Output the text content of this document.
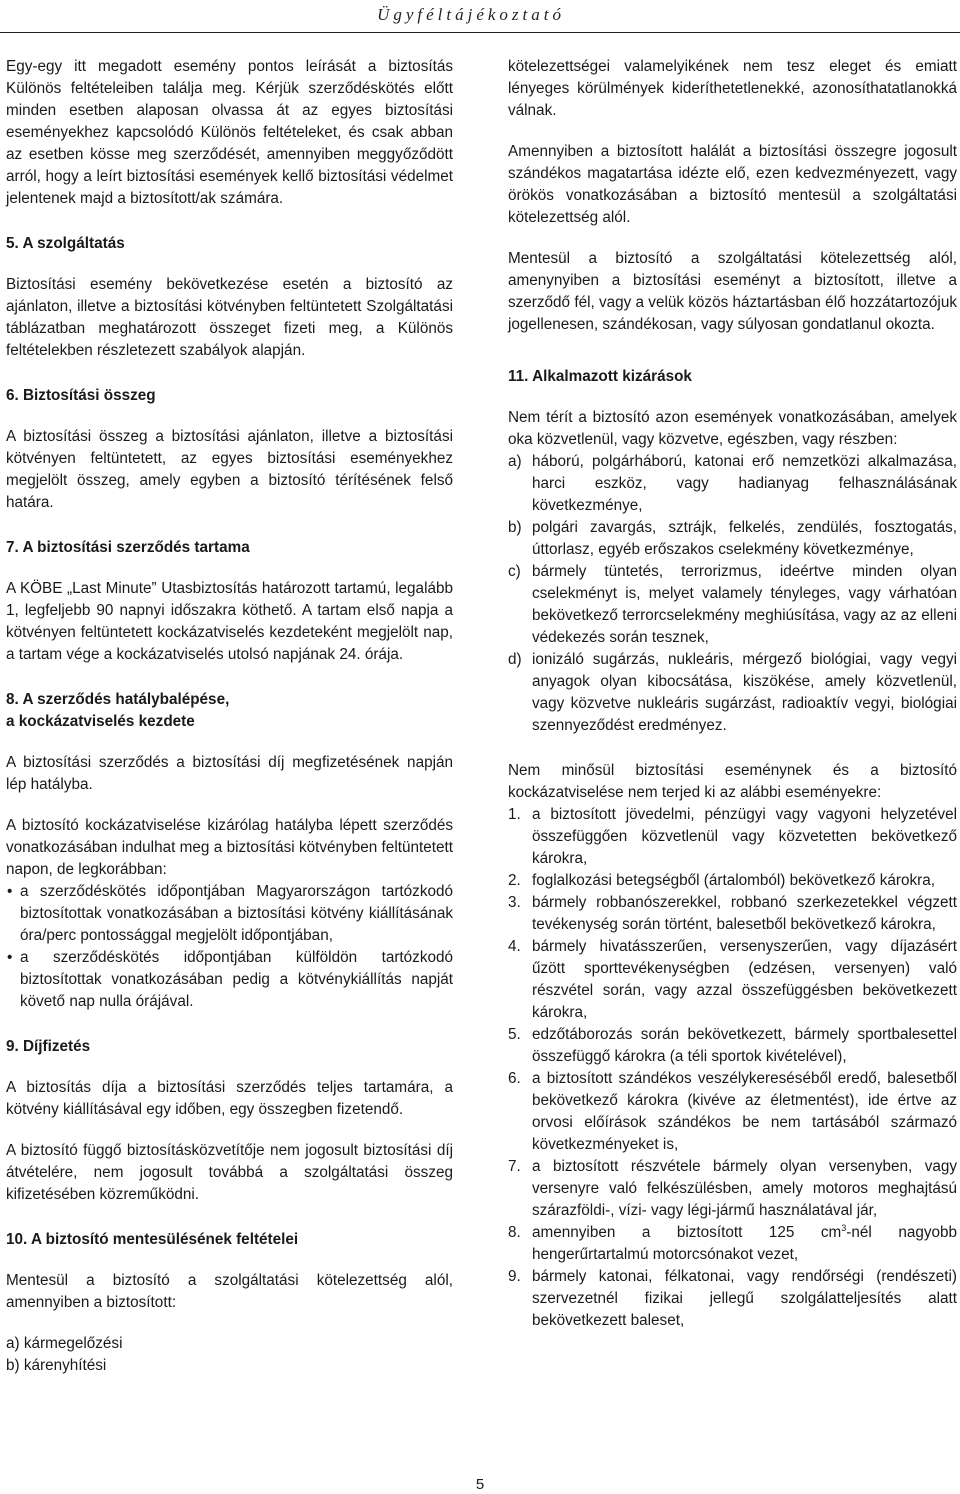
Ügyféltájékoztató

Egy-egy itt megadott esemény pontos leírását a biztosítás Különös feltételeiben találja meg. Kérjük szerződéskötés előtt minden esetben alaposan olvassa át az egyes biztosítási eseményekhez kapcsolódó Különös feltételeket, és csak abban az esetben kösse meg szerződését, amennyiben meggyőződött arról, hogy a leírt biztosítási események kellő biztosítási védelmet jelentenek majd a biztosított/ak számára.

5. A szolgáltatás

Biztosítási esemény bekövetkezése esetén a biztosító az ajánlaton, illetve a biztosítási kötvényben feltüntetett Szolgáltatási táblázatban meghatározott összeget fizeti meg, a Különös feltételekben részletezett szabályok alapján.

6. Biztosítási összeg

A biztosítási összeg a biztosítási ajánlaton, illetve a biztosítási kötvényen feltüntetett, az egyes biztosítási eseményekhez megjelölt összeg, amely egyben a biztosító térítésének felső határa.

7. A biztosítási szerződés tartama

A KÖBE „Last Minute” Utasbiztosítás határozott tartamú, legalább 1, legfeljebb 90 napnyi időszakra köthető. A tartam első napja a kötvényen feltüntetett kockázatviselés kezdeteként megjelölt nap, a tartam vége a kockázatviselés utolsó napjának 24. órája.

8. A szerződés hatálybalépése,
a kockázatviselés kezdete

A biztosítási szerződés a biztosítási díj megfizetésének napján lép hatályba.

A biztosító kockázatviselése kizárólag hatályba lépett szerződés vonatkozásában indulhat meg a biztosítási kötvényben feltüntetett napon, de legkorábban:

• a szerződéskötés időpontjában Magyarországon tartózkodó biztosítottak vonatkozásában a biztosítási kötvény kiállításának óra/perc pontossággal megjelölt időpontjában,
• a szerződéskötés időpontjában külföldön tartózkodó biztosítottak vonatkozásában pedig a kötvénykiállítás napját követő nap nulla órájával.
9. Díjfizetés

A biztosítás díja a biztosítási szerződés teljes tartamára, a kötvény kiállításával egy időben, egy összegben fizetendő.

A biztosító függő biztosításközvetítője nem jogosult biztosítási díj átvételére, nem jogosult továbbá a szolgáltatási összeg kifizetésében közreműködni.

10. A biztosító mentesülésének feltételei

Mentesül a biztosító a szolgáltatási kötelezettség alól, amennyiben a biztosított:

a) kármegelőzési

b) kárenyhítési

kötelezettségei valamelyikének nem tesz eleget és emiatt lényeges körülmények kideríthetetlenekké, azonosíthatatlanokká válnak.

Amennyiben a biztosított halálát a biztosítási összegre jogosult szándékos magatartása idézte elő, ezen kedvezményezett, vagy örökös vonatkozásában a biztosító mentesül a szolgáltatási kötelezettség alól.

Mentesül a biztosító a szolgáltatási kötelezettség alól, amenynyiben a biztosítási eseményt a biztosított, illetve a szerződő fél, vagy a velük közös háztartásban élő hozzátartozójuk jogellenesen, szándékosan, vagy súlyosan gondatlanul okozta.

11. Alkalmazott kizárások

Nem térít a biztosító azon események vonatkozásában, amelyek oka közvetlenül, vagy közvetve, egészben, vagy részben:

a) háború, polgárháború, katonai erő nemzetközi alkalmazása, harci eszköz, vagy hadianyag felhasználásának következménye,
b) polgári zavargás, sztrájk, felkelés, zendülés, fosztogatás, úttorlasz, egyéb erőszakos cselekmény következménye,
c) bármely tüntetés, terrorizmus, ideértve minden olyan cselekményt is, melyet valamely tényleges, vagy várhatóan bekövetkező terrorcselekmény meghiúsítása, vagy az az elleni védekezés során tesznek,
d) ionizáló sugárzás, nukleáris, mérgező biológiai, vagy vegyi anyagok olyan kibocsátása, kiszökése, amely közvetlenül, vagy közvetve nukleáris sugárzást, radioaktív vegyi, biológiai szennyeződést eredményez.

Nem minősül biztosítási eseménynek és a biztosító kockázatviselése nem terjed ki az alábbi eseményekre:

1. a biztosított jövedelmi, pénzügyi vagy vagyoni helyzetével összefüggően közvetlenül vagy közvetetten bekövetkező károkra,
2. foglalkozási betegségből (ártalomból) bekövetkező károkra,
3. bármely robbanószerekkel, robbanó szerkezetekkel végzett tevékenység során történt, balesetből bekövetkező károkra,
4. bármely hivatásszerűen, versenyszerűen, vagy díjazásért űzött sporttevékenységben (edzésen, versenyen) való részvétel során, vagy azzal összefüggésben bekövetkezett károkra,
5. edzőtáborozás során bekövetkezett, bármely sportbalesettel összefüggő károkra (a téli sportok kivételével),
6. a biztosított szándékos veszélykereséséből eredő, balesetből bekövetkező károkra (kivéve az életmentést), ide értve az orvosi előírások szándékos be nem tartásából származó következményeket is,
7. a biztosított részvétele bármely olyan versenyben, vagy versenyre való felkészülésben, amely motoros meghajtású szárazföldi-, vízi- vagy légi-jármű használatával jár,
8. amennyiben a biztosított 125 $cm^3$-nél nagyobb hengerűrtartalmú motorcsónakot vezet,
9. bármely katonai, félkatonai, vagy rendőrségi (rendészeti) szervezetnél fizikai jellegű szolgálatteljesítés alatt bekövetkezett baleset,
5
